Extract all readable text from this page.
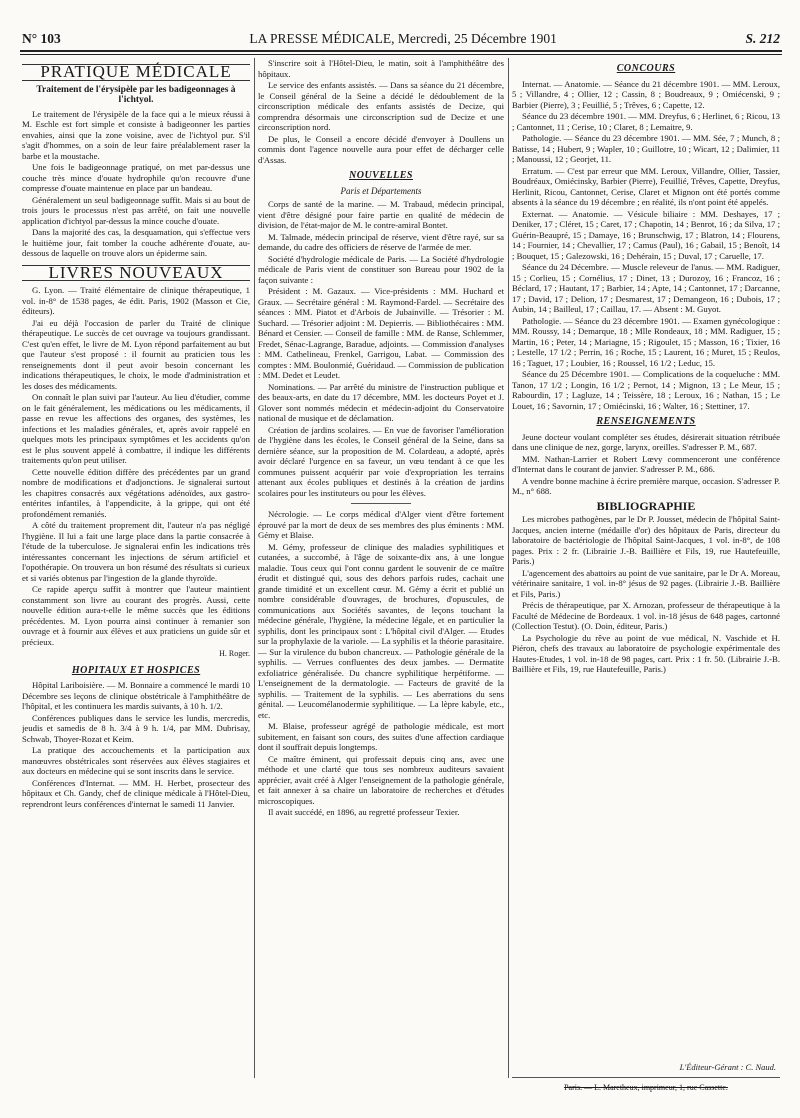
N° 103	LA PRESSE MÉDICALE, Mercredi, 25 Décembre 1901	S. 212
PRATIQUE MÉDICALE
Traitement de l'érysipèle par les badigeonnages à l'ichtyol.

Le traitement de l'érysipèle de la face qui a le mieux réussi à M. Eschle est fort simple et consiste à badigeonner les parties envahies, ainsi que la zone voisine, avec de l'ichtyol pur. S'il s'agit d'hommes, on a soin de leur faire préalablement raser la barbe et la moustache.

Une fois le badigeonnage pratiqué, on met par-dessus une couche très mince d'ouate hydrophile qu'on recouvre d'une compresse d'ouate maintenue en place par un bandeau.

Généralement un seul badigeonnage suffit. Mais si au bout de trois jours le processus n'est pas arrêté, on fait une nouvelle application d'ichtyol par-dessus la mince couche d'ouate.

Dans la majorité des cas, la desquamation, qui s'effectue vers le huitième jour, fait tomber la couche adhérente d'ouate, au-dessous de laquelle on trouve alors un épiderme sain.

LIVRES NOUVEAUX

G. Lyon. — Traité élémentaire de clinique thérapeutique, 1 vol. in-8° de 1538 pages, 4e édit. Paris, 1902 (Masson et Cie, éditeurs).

J'ai eu déjà l'occasion de parler du Traité de clinique thérapeutique. Le succès de cet ouvrage va toujours grandissant. C'est qu'en effet, le livre de M. Lyon répond parfaitement au but que l'auteur s'est proposé : il fournit au praticien tous les renseignements dont il peut avoir besoin concernant les indications thérapeutiques, le choix, le mode d'administration et les doses des médicaments.

On connaît le plan suivi par l'auteur. Au lieu d'étudier, comme on le fait généralement, les médications ou les médicaments, il passe en revue les affections des organes, des systèmes, les infections et les maladies générales, et, après avoir rappelé en quelques mots les principaux symptômes et les accidents qu'on est le plus souvent appelé à combattre, il indique les différents traitements qu'on peut utiliser.

Cette nouvelle édition diffère des précédentes par un grand nombre de modifications et d'adjonctions. Je signalerai surtout les chapitres consacrés aux végétations adénoïdes, aux gastro-entérites infantiles, à l'appendicite, à la grippe, qui ont été profondément remaniés.

A côté du traitement proprement dit, l'auteur n'a pas négligé l'hygiène. Il lui a fait une large place dans la partie consacrée à l'étude de la tuberculose. Je signalerai enfin les indications très intéressantes concernant les injections de sérum artificiel et l'opothérapie. On trouvera un bon résumé des résultats si curieux et si variés obtenus par l'ingestion de la glande thyroïde.

Ce rapide aperçu suffit à montrer que l'auteur maintient constamment son livre au courant des progrès. Aussi, cette nouvelle édition aura-t-elle le même succès que les éditions précédentes. M. Lyon pourra ainsi continuer à remanier son ouvrage et à fournir aux élèves et aux praticiens un guide sûr et précieux.

H. Roger.
HOPITAUX ET HOSPICES

Hôpital Lariboisière. — M. Bonnaire a commencé le mardi 10 Décembre ses leçons de clinique obstétricale à l'amphithéâtre de l'hôpital, et les continuera les mardis suivants, à 10 h. 1/2.

Conférences publiques dans le service les lundis, mercredis, jeudis et samedis de 8 h. 3/4 à 9 h. 1/4, par MM. Dubrisay, Schwab, Thoyer-Rozat et Keim.

La pratique des accouchements et la participation aux manœuvres obstétricales sont réservées aux élèves stagiaires et aux docteurs en médecine qui se sont inscrits dans le service.

Conférences d'Internat. — MM. H. Herbet, prosecteur des hôpitaux et Ch. Gandy, chef de clinique médicale à l'Hôtel-Dieu, reprendront leurs conférences d'internat le samedi 11 Janvier.

S'inscrire soit à l'Hôtel-Dieu, le matin, soit à l'amphithéâtre des hôpitaux.

Le service des enfants assistés. — Dans sa séance du 21 décembre, le Conseil général de la Seine a décidé le dédoublement de la circonscription médicale des enfants assistés de Decize, qui comprendra désormais une circonscription sud de Decize et une circonscription nord.

De plus, le Conseil a encore décidé d'envoyer à Doullens un commis dont l'agence nouvelle aura pour effet de décharger celle d'Assas.

NOUVELLES
Paris et Départements

Corps de santé de la marine. — M. Trabaud, médecin principal, vient d'être désigné pour faire partie en qualité de médecin de division, de l'état-major de M. le contre-amiral Bontet.

M. Talmade, médecin principal de réserve, vient d'être rayé, sur sa demande, du cadre des officiers de réserve de l'armée de mer.

Société d'hydrologie médicale de Paris. — La Société d'hydrologie médicale de Paris vient de constituer son Bureau pour 1902 de la façon suivante :

Président : M. Gazaux. — Vice-présidents : MM. Huchard et Graux. — Secrétaire général : M. Raymond-Fardel. — Secrétaire des séances : MM. Piatot et d'Arbois de Jubainville. — Trésorier : M. Suchard. — Trésorier adjoint : M. Depierris. — Bibliothécaires : MM. Bénard et Censier. — Conseil de famille : MM. de Ranse, Schlemmer, Fredet, Sénac-Lagrange, Baradue, adjoints. — Commission d'analyses : MM. Cathelineau, Frenkel, Garrigou, Labat. — Commission des comptes : MM. Boulonmié, Guéridaud. — Commission de publication : MM. Dedet et Leudet.

Nominations. — Par arrêté du ministre de l'instruction publique et des beaux-arts, en date du 17 décembre, MM. les docteurs Poyet et J. Glover sont nommés médecin et médecin-adjoint du Conservatoire national de musique et de déclamation.

Création de jardins scolaires. — En vue de favoriser l'amélioration de l'hygiène dans les écoles, le Conseil général de la Seine, dans sa dernière séance, sur la proposition de M. Colardeau, a adopté, après avoir déclaré l'urgence en sa faveur, un vœu tendant à ce que les communes puissent acquérir par voie d'expropriation les terrains attenant aux écoles publiques et destinés à la création de jardins scolaires pour les instituteurs ou pour les élèves.

Nécrologie. — Le corps médical d'Alger vient d'être fortement éprouvé par la mort de deux de ses membres des plus éminents : MM. Gémy et Blaise.

M. Gémy, professeur de clinique des maladies syphilitiques et cutanées, a succombé, à l'âge de soixante-dix ans, à une longue maladie. Tous ceux qui l'ont connu gardent le souvenir de ce maître érudit et distingué qui, sous des dehors parfois rudes, cachait une grande timidité et un excellent cœur. M. Gémy a écrit et publié un nombre considérable d'ouvrages, de brochures, d'opuscules, de communications aux Sociétés savantes, de leçons touchant la médecine générale, l'hygiène, la médecine légale, et en particulier la syphilis, dont les principaux sont : L'hôpital civil d'Alger. — Etudes sur la prophylaxie de la variole. — La syphilis et la théorie parasitaire. — Sur la virulence du bubon chancreux. — Pathologie générale de la syphilis. — Verrues confluentes des deux jambes. — Dermatite exfoliatrice généralisée. Du chancre syphilitique herpétiforme. — L'enseignement de la dermatologie. — Facteurs de gravité de la syphilis. — Traitement de la syphilis. — Les aberrations du sens génital. — Leucomélanodermie syphilitique. — La lèpre kabyle, etc., etc.

M. Blaise, professeur agrégé de pathologie médicale, est mort subitement, en faisant son cours, des suites d'une affection cardiaque dont il souffrait depuis longtemps.

Ce maître éminent, qui professait depuis cinq ans, avec une méthode et une clarté que tous ses nombreux auditeurs savaient apprécier, avait créé à Alger l'enseignement de la pathologie générale, et fait annexer à sa chaire un laboratoire de recherches et d'études microscopiques.

Il avait succédé, en 1896, au regretté professeur Texier.

CONCOURS

Internat. — Anatomie. — Séance du 21 décembre 1901. — MM. Leroux, 5 ; Villandre, 4 ; Ollier, 12 ; Cassin, 8 ; Boudreaux, 9 ; Omiécenski, 9 ; Barbier (Pierre), 3 ; Feuillié, 5 ; Trêves, 6 ; Capette, 12.

Séance du 23 décembre 1901. — MM. Dreyfus, 6 ; Herlinet, 6 ; Ricou, 13 ; Cantonnet, 11 ; Cerise, 10 ; Claret, 8 ; Lemaitre, 9.

Pathologie. — Séance du 23 décembre 1901. — MM. Sée, 7 ; Munch, 8 ; Batisse, 14 ; Hubert, 9 ; Wapler, 10 ; Guillotre, 10 ; Wicart, 12 ; Dalimier, 11 ; Manoussi, 12 ; Georjet, 11.

Erratum. — C'est par erreur que MM. Leroux, Villandre, Ollier, Tassier, Boudréaux, Omiécinsky, Barbier (Pierre), Feuillié, Trêves, Capette, Dreyfus, Herlinit, Ricou, Cantonnet, Cerise, Claret et Mignon ont été portés comme absents à la séance du 19 décembre ; en réalité, ils n'ont point été appelés.

Externat. — Anatomie. — Vésicule biliaire : MM. Deshayes, 17 ; Deniker, 17 ; Cléret, 15 ; Caret, 17 ; Chapotin, 14 ; Benrot, 16 ; da Silva, 17 ; Guérin-Beaupré, 15 ; Damaye, 16 ; Brunschwig, 17 ; Blatron, 14 ; Flourens, 14 ; Fournier, 14 ; Chevallier, 17 ; Camus (Paul), 16 ; Gabail, 15 ; Benoît, 14 ; Bouquet, 15 ; Galezowski, 16 ; Dehérain, 15 ; Duval, 17 ; Caruelle, 17.

Séance du 24 Décembre. — Muscle releveur de l'anus. — MM. Radiguer, 15 ; Corlieu, 15 ; Cornélius, 17 ; Dinet, 13 ; Durozoy, 16 ; Francoz, 16 ; Béclard, 17 ; Hautant, 17 ; Barbier, 14 ; Apte, 14 ; Cantonnet, 17 ; Darcanne, 17 ; David, 17 ; Delion, 17 ; Desmarest, 17 ; Demangeon, 16 ; Dubois, 17 ; Aubin, 14 ; Bailleul, 17 ; Caillau, 17. — Absent : M. Guyot.

Pathologie. — Séance du 23 décembre 1901. — Examen gynécologique : MM. Roussy, 14 ; Demarque, 18 ; Mlle Rondeaux, 18 ; MM. Radiguer, 15 ; Martin, 16 ; Peter, 14 ; Mariagne, 15 ; Rigoulet, 15 ; Masson, 16 ; Tixier, 16 ; Lestelle, 17 1/2 ; Perrin, 16 ; Roche, 15 ; Laurent, 16 ; Muret, 15 ; Reulos, 16 ; Taguet, 17 ; Loubier, 16 ; Roussel, 16 1/2 ; Leduc, 15.

Séance du 25 Décembre 1901. — Complications de la coqueluche : MM. Tanon, 17 1/2 ; Longin, 16 1/2 ; Pernot, 14 ; Mignon, 13 ; Le Meur, 15 ; Rabourdin, 17 ; Lagluze, 14 ; Teissère, 18 ; Leroux, 16 ; Nathan, 15 ; Le Louet, 16 ; Savornin, 17 ; Omiécinski, 16 ; Walter, 16 ; Stettiner, 17.

RENSEIGNEMENTS

Jeune docteur voulant compléter ses études, désirerait situation rétribuée dans une clinique de nez, gorge, larynx, oreilles. S'adresser P. M., 687.

MM. Nathan-Larrier et Robert Lœvy commenceront une conférence d'Internat dans le courant de janvier. S'adresser P. M., 686.

A vendre bonne machine à écrire première marque, occasion. S'adresser P. M., n° 688.

BIBLIOGRAPHIE

Les microbes pathogènes, par le Dr P. Jousset, médecin de l'hôpital Saint-Jacques, ancien interne (médaille d'or) des hôpitaux de Paris, directeur du laboratoire de bactériologie de l'hôpital Saint-Jacques, 1 vol. in-8°, de 108 pages. Prix : 2 fr. (Librairie J.-B. Baillière et Fils, 19, rue Hautefeuille, Paris.)

L'agencement des abattoirs au point de vue sanitaire, par le Dr A. Moreau, vétérinaire sanitaire, 1 vol. in-8° jésus de 92 pages. (Librairie J.-B. Baillière et Fils, Paris.)

Précis de thérapeutique, par X. Arnozan, professeur de thérapeutique à la Faculté de Médecine de Bordeaux. 1 vol. in-18 jésus de 648 pages, cartonné (Collection Testut). (O. Doin, éditeur, Paris.)

La Psychologie du rêve au point de vue médical, N. Vaschide et H. Piéron, chefs des travaux au laboratoire de psychologie expérimentale des Hautes-Etudes, 1 vol. in-18 de 98 pages, cart. Prix : 1 fr. 50. (Librairie J.-B. Baillière et Fils, 19, rue Hautefeuille, Paris.)

L'Éditeur-Gérant : C. Naud.
Paris. — L. Maretheux, imprimeur, 1, rue Cassette.
